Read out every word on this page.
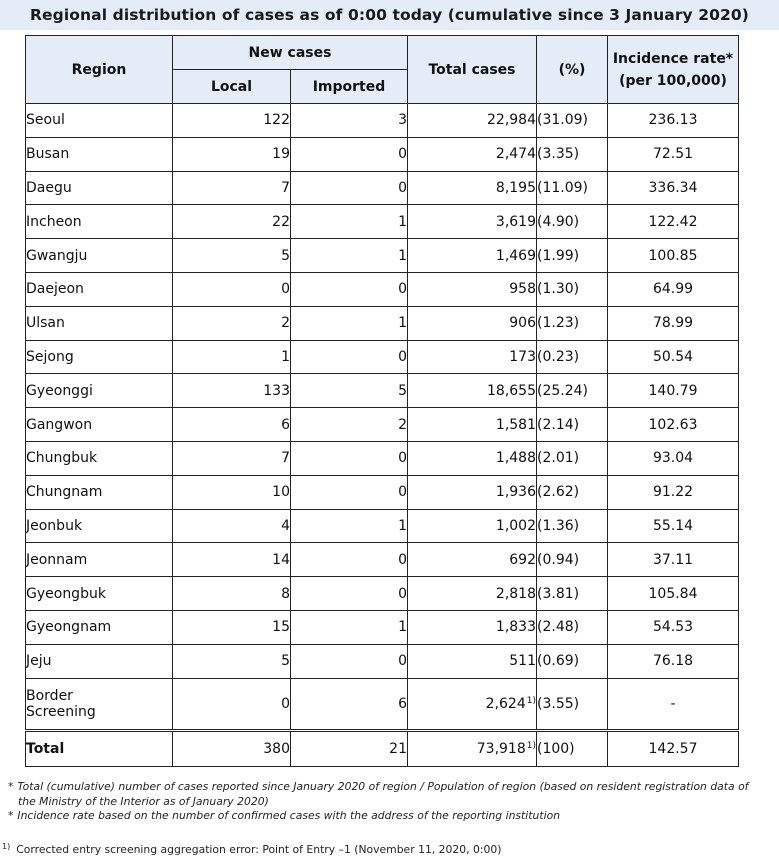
Regional distribution of cases as of 0:00 today (cumulative since 3 January 2020)
Region	New cases		Total cases	(%)	Incidence rate*
(per 100,000)

	Local	Imported			
Seoul	122	3	22,984	(31.09)	236.13
Busan	19	0	2,474	(3.35)	72.51
Daegu	7	0	8,195	(11.09)	336.34
Incheon	22	1	3,619	(4.90)	122.42
Gwangju	5	1	1,469	(1.99)	100.85
Daejeon	0	0	958	(1.30)	64.99
Ulsan	2	1	906	(1.23)	78.99
Sejong	1	0	173	(0.23)	50.54
Gyeonggi	133	5	18,655	(25.24)	140.79
Gangwon	6	2	1,581	(2.14)	102.63
Chungbuk	7	0	1,488	(2.01)	93.04
Chungnam	10	0	1,936	(2.62)	91.22
Jeonbuk	4	1	1,002	(1.36)	55.14
Jeonnam	14	0	692	(0.94)	37.11
Gyeongbuk	8	0	2,818	(3.81)	105.84
Gyeongnam	15	1	1,833	(2.48)	54.53
Jeju	5	0	511	(0.69)	76.18

Border
Screening	0	6	2,624$^{1)}$	(3.55)	-
Total	380	21	73,918$^{1)}$	(100)	142.57

* Total (cumulative) number of cases reported since January 2020 of region / Population of region (based on resident registration data of

the Ministry of the Interior as of January 2020)

* Incidence rate based on the number of confirmed cases with the address of the reporting institution

$^{1)}$ Corrected entry screening aggregation error: Point of Entry –1 (November 11, 2020, 0:00)
